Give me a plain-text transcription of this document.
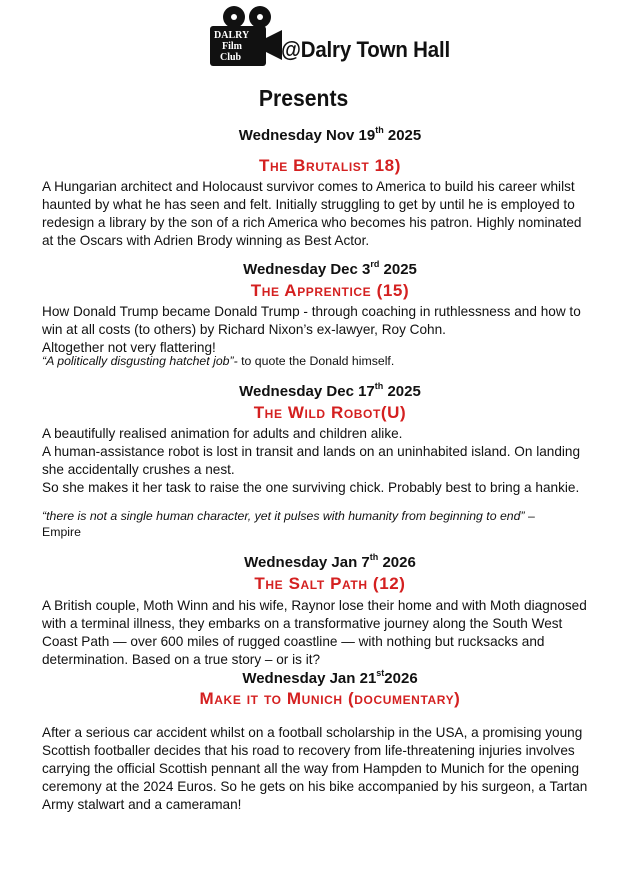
DALRY
Film
Club @Dalry Town Hall
Presents
Wednesday Nov 19th 2025
The Brutalist 18)
A Hungarian architect and Holocaust survivor comes to America to build his career whilst
haunted by what he has seen and felt. Initially struggling to get by until he is employed to
redesign a library by the son of a rich America who becomes his patron. Highly nominated
at the Oscars with Adrien Brody winning as Best Actor.
Wednesday Dec 3rd 2025
The Apprentice (15)
How Donald Trump became Donald Trump - through coaching in ruthlessness and how to
win at all costs (to others) by Richard Nixon’s ex-lawyer, Roy Cohn.
Altogether not very flattering!
“A politically disgusting hatchet job”- to quote the Donald himself.
Wednesday Dec 17th 2025
The Wild Robot(U)
A beautifully realised animation for adults and children alike.
A human-assistance robot is lost in transit and lands on an uninhabited island. On landing
she accidentally crushes a nest.
So she makes it her task to raise the one surviving chick. Probably best to bring a hankie.
“there is not a single human character, yet it pulses with humanity from beginning to end” –
Empire
Wednesday Jan 7th 2026
The Salt Path (12)
A British couple, Moth Winn and his wife, Raynor lose their home and with Moth diagnosed
with a terminal illness, they embarks on a transformative journey along the South West
Coast Path — over 600 miles of rugged coastline — with nothing but rucksacks and
determination. Based on a true story – or is it?
Wednesday Jan 21st2026
Make it to Munich (documentary)
After a serious car accident whilst on a football scholarship in the USA, a promising young
Scottish footballer decides that his road to recovery from life-threatening injuries involves
carrying the official Scottish pennant all the way from Hampden to Munich for the opening
ceremony at the 2024 Euros. So he gets on his bike accompanied by his surgeon, a Tartan
Army stalwart and a cameraman!
